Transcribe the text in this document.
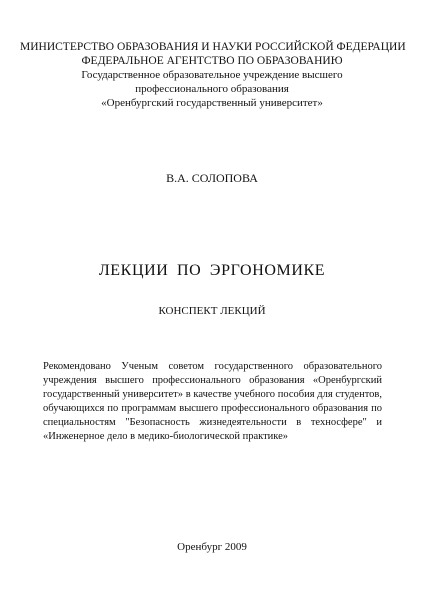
МИНИСТЕРСТВО ОБРАЗОВАНИЯ И НАУКИ РОССИЙСКОЙ ФЕДЕРАЦИИ
ФЕДЕРАЛЬНОЕ АГЕНТСТВО ПО ОБРАЗОВАНИЮ
Государственное образовательное учреждение высшего
профессионального образования
«Оренбургский государственный университет»
В.А. СОЛОПОВА
ЛЕКЦИИ ПО ЭРГОНОМИКЕ
КОНСПЕКТ ЛЕКЦИЙ
Рекомендовано Ученым советом государственного образовательного
учреждения высшего профессионального образования «Оренбургский
государственный университет» в качестве учебного пособия для студентов,
обучающихся по программам высшего профессионального образования по
специальностям "Безопасность жизнедеятельности в техносфере" и
«Инженерное дело в медико-биологической практике»
Оренбург 2009
